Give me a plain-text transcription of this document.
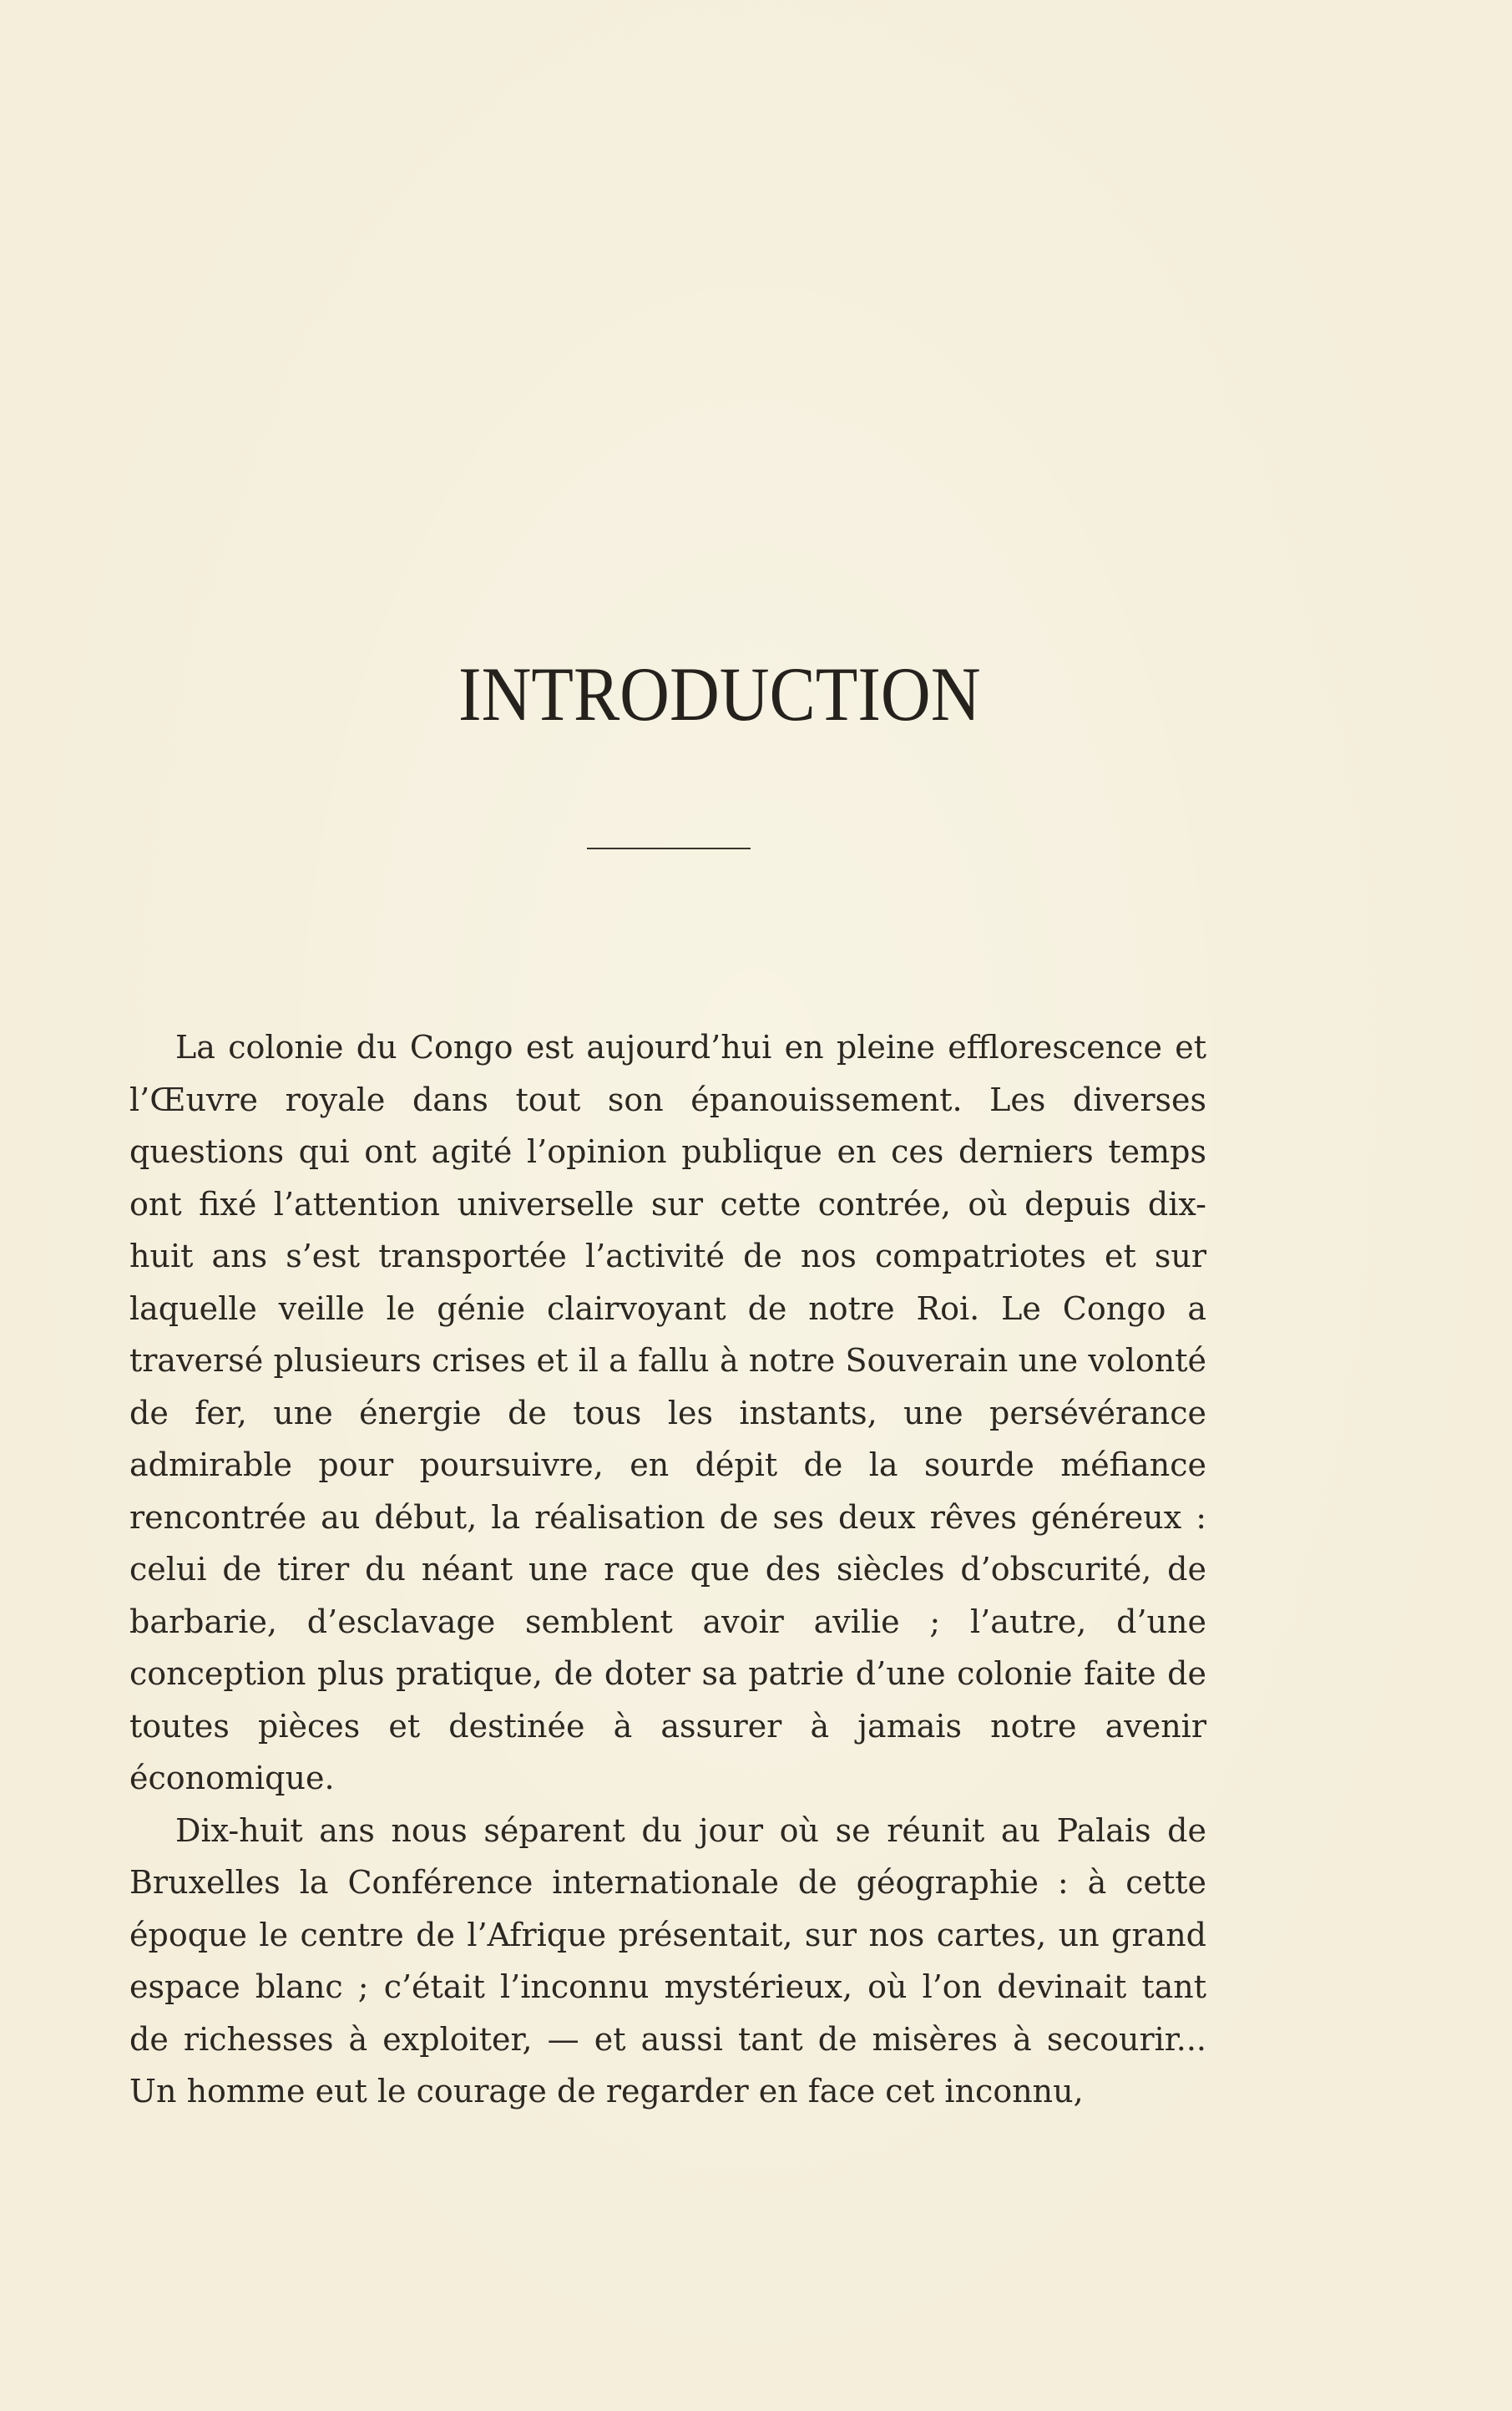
INTRODUCTION

La colonie du Congo est aujourd’hui en pleine efflorescence et l’Œuvre royale dans tout son épanouissement. Les diverses questions qui ont agité l’opinion publique en ces derniers temps ont fixé l’attention universelle sur cette contrée, où depuis dix-huit ans s’est transportée l’activité de nos compatriotes et sur laquelle veille le génie clairvoyant de notre Roi. Le Congo a traversé plusieurs crises et il a fallu à notre Souverain une volonté de fer, une énergie de tous les instants, une persévérance admirable pour poursuivre, en dépit de la sourde méfiance rencontrée au début, la réalisation de ses deux rêves généreux : celui de tirer du néant une race que des siècles d’obscurité, de barbarie, d’esclavage semblent avoir avilie ; l’autre, d’une conception plus pratique, de doter sa patrie d’une colonie faite de toutes pièces et destinée à assurer à jamais notre avenir économique.

Dix-huit ans nous séparent du jour où se réunit au Palais de Bruxelles la Conférence internationale de géographie : à cette époque le centre de l’Afrique présentait, sur nos cartes, un grand espace blanc ; c’était l’inconnu mystérieux, où l’on devinait tant de richesses à exploiter, — et aussi tant de misères à secourir... Un homme eut le courage de regarder en face cet inconnu,
